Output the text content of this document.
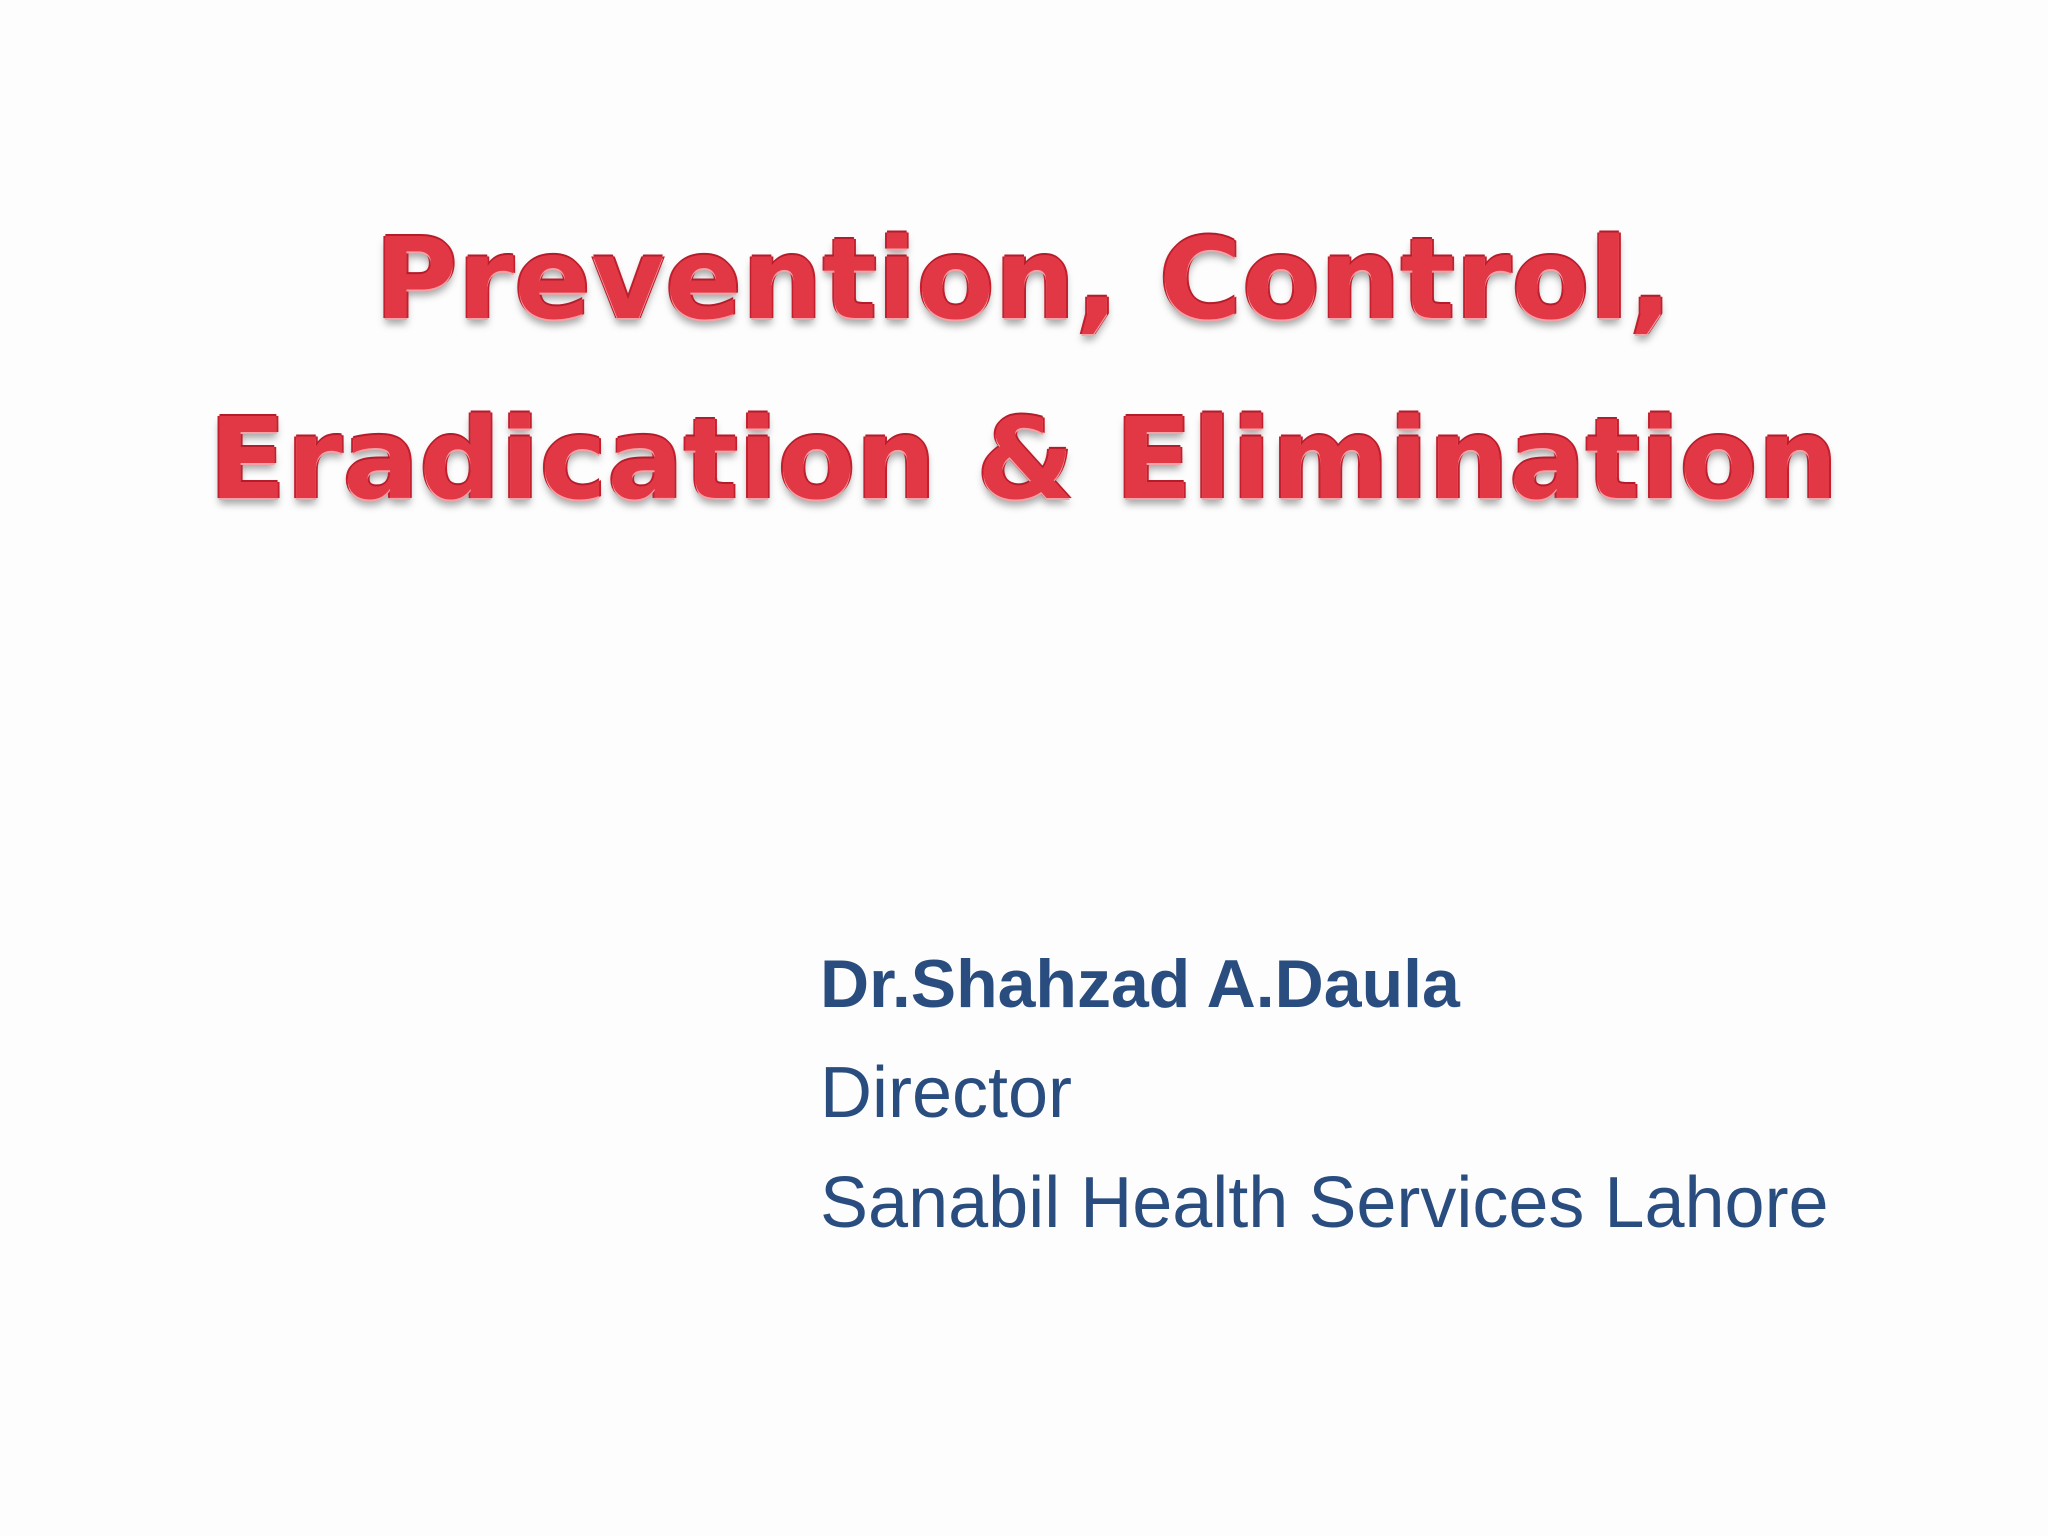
Prevention, Control,
Eradication & Elimination
Dr.Shahzad A.Daula
Director
Sanabil Health Services Lahore
